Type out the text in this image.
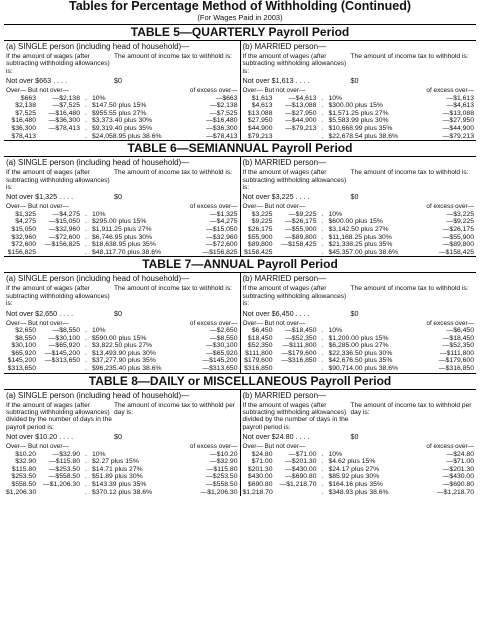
Tables for Percentage Method of Withholding (Continued)
(For Wages Paid in 2003)
TABLE 5—QUARTERLY Payroll Period
(a) SINGLE person (including head of household)—
If the amount of wages (after subtracting withholding allowances) is:
The amount of income tax to withhold is:
Not over $663 . . . .	$0
Over— But not over—	of excess over—
$663	—$2,138 . 10%	—$663
$2,138	—$7,525 . $147.50 plus 15%	—$2,138
$7,525	—$16,480 . $955.55 plus 27%	—$7,525
$16,480	—$36,300 . $3,373.40 plus 30%	—$16,480
$36,300	—$78,413 . $9,319.40 plus 35%	—$36,300
$78,413	. $24,058.95 plus 38.6%	—$78,413
(b) MARRIED person—
If the amount of wages (after subtracting withholding allowances) is:
The amount of income tax to withhold is:
Not over $1,613 . . . .	$0
Over— But not over—	of excess over—
$1,613	—$4,613 . 10%	—$1,613
$4,613	—$13,088 . $300.00 plus 15%	—$4,613
$13,088	—$27,950 . $1,571.25 plus 27%	—$13,088
$27,950	—$44,900 . $5,583.99 plus 30%	—$27,950
$44,900	—$79,213 . $10,668.99 plus 35%	—$44,900
$79,213	. $22,678.54 plus 38.6%	—$79,213
TABLE 6—SEMIANNUAL Payroll Period
(a) SINGLE person (including head of household)—
If the amount of wages (after subtracting withholding allowances) is:
The amount of income tax to withhold is:
Not over $1,325 . . . .	$0
Over— But not over—	of excess over—
$1,325	—$4,275 . 10%	—$1,325
$4,275	—$15,050 . $295.00 plus 15%	—$4,275
$15,050	—$32,960 . $1,911.25 plus 27%	—$15,050
$32,960	—$72,600 . $6,746.95 plus 30%	—$32,960
$72,600	—$156,825 . $18,638.95 plus 35%	—$72,600
$156,825	. $48,117.70 plus 38.6%	—$156,825
(b) MARRIED person—
If the amount of wages (after subtracting withholding allowances) is:
The amount of income tax to withhold is:
Not over $3,225 . . . .	$0
Over— But not over—	of excess over—
$3,225	—$9,225 . 10%	—$3,225
$9,225	—$26,175 . $600.00 plus 15%	—$9,225
$26,175	—$55,900 . $3,142.50 plus 27%	—$26,175
$55,900	—$89,800 . $11,168.25 plus 30%	—$55,900
$89,800	—$158,425 . $21,338.25 plus 35%	—$89,800
$158,425	. $45,357.00 plus 38.6%	—$158,425
TABLE 7—ANNUAL Payroll Period
(a) SINGLE person (including head of household)—
If the amount of wages (after subtracting withholding allowances) is:
The amount of income tax to withhold is:
Not over $2,650 . . . .	$0
Over— But not over—	of excess over—
$2,650	—$8,550 . 10%	—$2,650
$8,550	—$30,100 . $590.00 plus 15%	—$8,550
$30,100	—$65,920 . $3,822.50 plus 27%	—$30,100
$65,920	—$145,200 . $13,493.90 plus 30%	—$65,920
$145,200	—$313,650 . $37,277.90 plus 35%	—$145,200
$313,650	. $96,235.40 plus 38.6%	—$313,650
(b) MARRIED person—
If the amount of wages (after subtracting withholding allowances) is:
The amount of income tax to withhold is:
Not over $6,450 . . . .	$0
Over— But not over—	of excess over—
$6,450	—$18,450 . 10%	—$6,450
$18,450	—$52,350 . $1,200.00 plus 15%	—$18,450
$52,350	—$111,800 . $6,285.00 plus 27%	—$52,350
$111,800	—$179,600 . $22,336.50 plus 30%	—$111,800
$179,600	—$316,850 . $42,676.50 plus 35%	—$179,600
$316,850	. $90,714.00 plus 38.6%	—$316,850
TABLE 8—DAILY or MISCELLANEOUS Payroll Period
(a) SINGLE person (including head of household)—
If the amount of wages (after subtracting withholding allowances) divided by the number of days in the payroll period is:
The amount of income tax to withhold per day is:
Not over $10.20 . . . .	$0
Over— But not over—	of excess over—
$10.20	—$32.90 . 10%	—$10.20
$32.90	—$115.80 . $2.27 plus 15%	—$32.90
$115.80	—$253.50 . $14.71 plus 27%	—$115.80
$253.50	—$558.50 . $51.89 plus 30%	—$253.50
$558.50	—$1,206.30 . $143.39 plus 35%	—$558.50
$1,206.30	. $370.12 plus 38.6%	—$1,206.30
(b) MARRIED person—
If the amount of wages (after subtracting withholding allowances) divided by the number of days in the payroll period is:
The amount of income tax to withhold per day is:
Not over $24.80 . . . .	$0
Over— But not over—	of excess over—
$24.80	—$71.00 . 10%	—$24.80
$71.00	—$201.30 . $4.62 plus 15%	—$71.00
$201.30	—$430.00 . $24.17 plus 27%	—$201.30
$430.00	—$690.80 . $85.92 plus 30%	—$430.00
$690.80	—$1,218.70 . $164.16 plus 35%	—$690.80
$1,218.70	. $348.93 plus 38.6%	—$1,218.70
